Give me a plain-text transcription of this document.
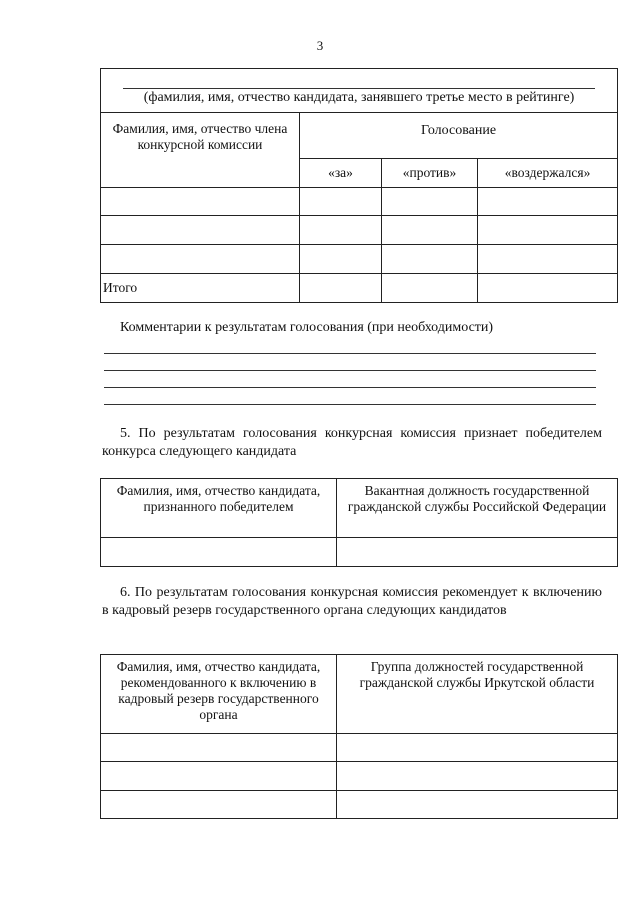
3
(фамилия, имя, отчество кандидата, занявшего третье место в рейтинге)			
Фамилия, имя, отчество члена конкурсной комиссии	Голосование		
	«за»	«против»	«воздержался»

Итого			
Комментарии к результатам голосования (при необходимости)
5. По результатам голосования конкурсная комиссия признает победителем конкурса следующего кандидата
Фамилия, имя, отчество кандидата, признанного победителем	Вакантная должность государственной гражданской службы Российской Федерации

6. По результатам голосования конкурсная комиссия рекомендует к включению в кадровый резерв государственного органа следующих кандидатов
Фамилия, имя, отчество кандидата, рекомендованного к включению в кадровый резерв государственного органа	Группа должностей государственной гражданской службы Иркутской области
